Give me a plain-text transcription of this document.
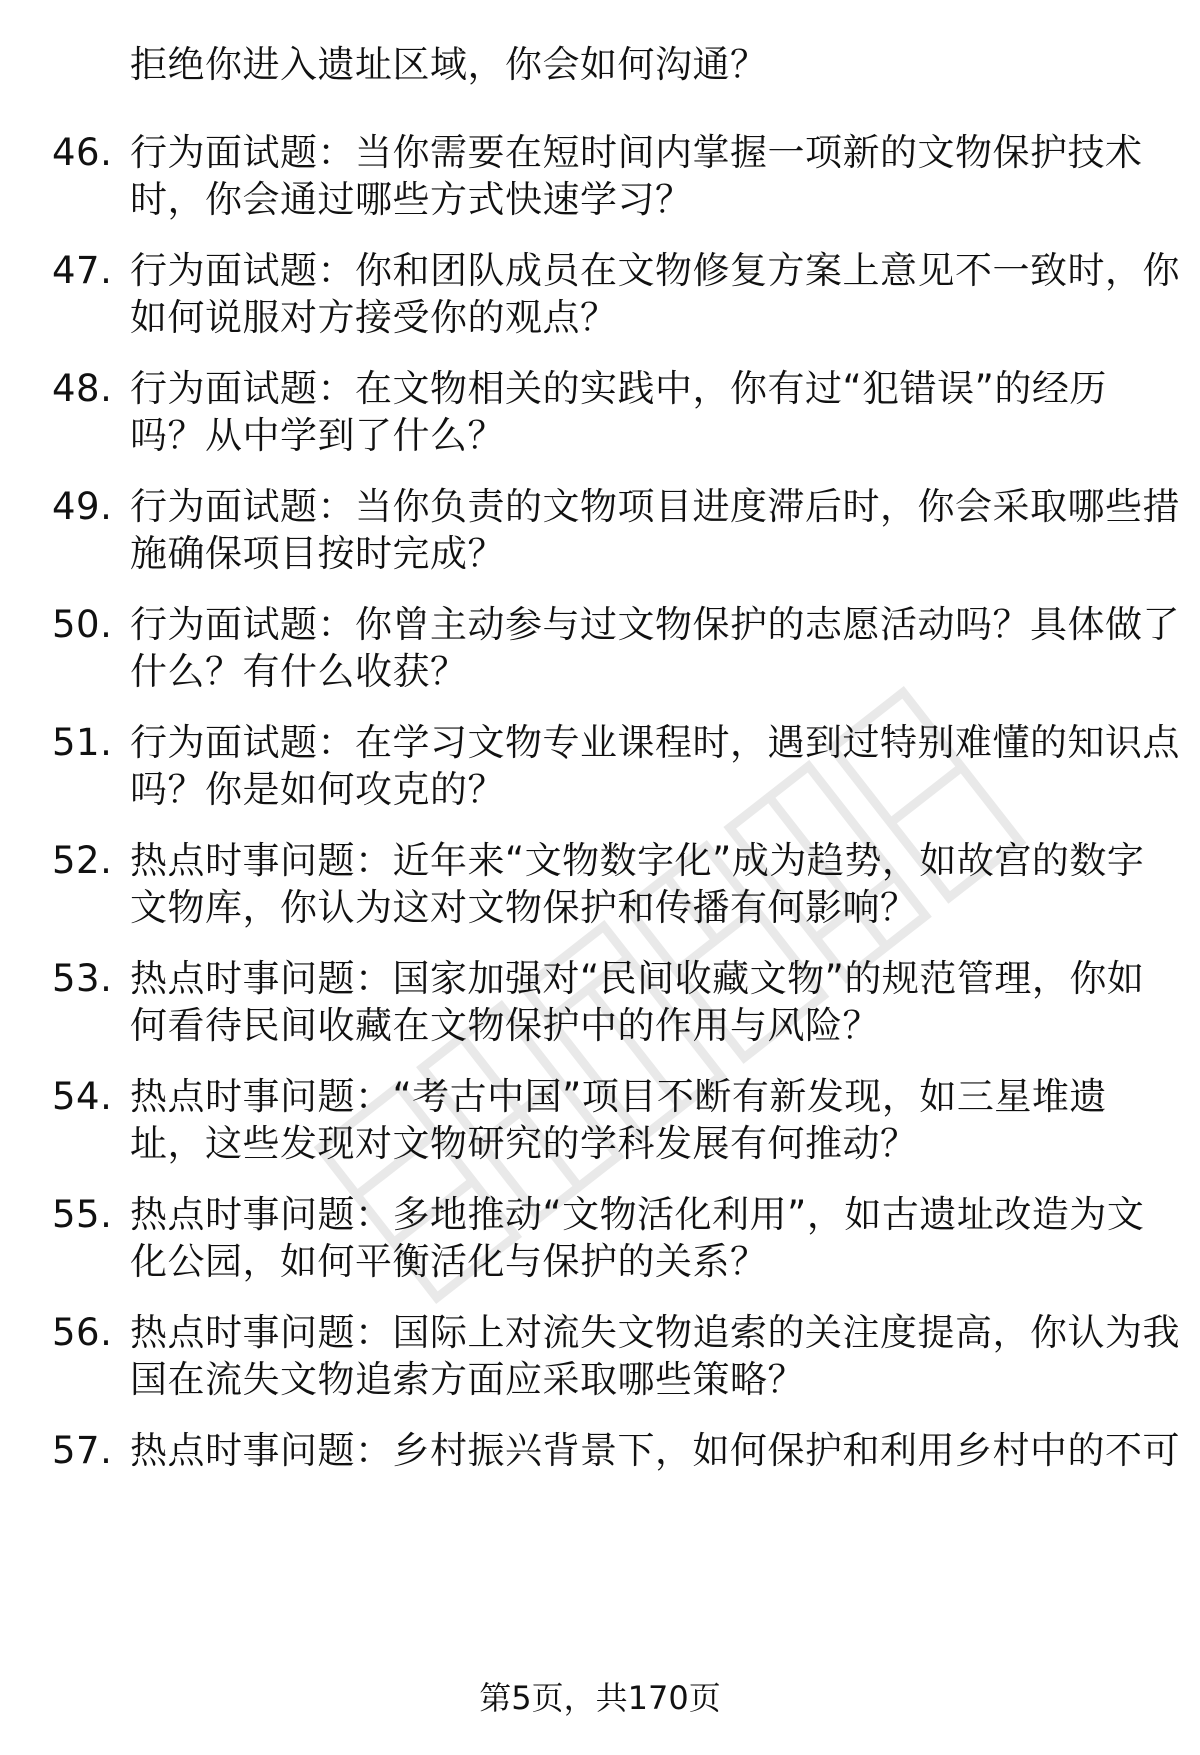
拒绝你进入遗址区域，你会如何沟通？
46. 行为面试题：当你需要在短时间内掌握一项新的文物保护技术
时，你会通过哪些方式快速学习？
47. 行为面试题：你和团队成员在文物修复方案上意见不一致时，你
如何说服对方接受你的观点？
48. 行为面试题：在文物相关的实践中，你有过“犯错误”的经历
吗？从中学到了什么？
49. 行为面试题：当你负责的文物项目进度滞后时，你会采取哪些措
施确保项目按时完成？
50. 行为面试题：你曾主动参与过文物保护的志愿活动吗？具体做了
什么？有什么收获？
51. 行为面试题：在学习文物专业课程时，遇到过特别难懂的知识点
吗？你是如何攻克的？
52. 热点时事问题：近年来“文物数字化”成为趋势，如故宫的数字
文物库，你认为这对文物保护和传播有何影响？
53. 热点时事问题：国家加强对“民间收藏文物”的规范管理，你如
何看待民间收藏在文物保护中的作用与风险？
54. 热点时事问题：“考古中国”项目不断有新发现，如三星堆遗
址，这些发现对文物研究的学科发展有何推动？
55. 热点时事问题：多地推动“文物活化利用”，如古遗址改造为文
化公园，如何平衡活化与保护的关系？
56. 热点时事问题：国际上对流失文物追索的关注度提高，你认为我
国在流失文物追索方面应采取哪些策略？
57. 热点时事问题：乡村振兴背景下，如何保护和利用乡村中的不可
第5页，共170页
